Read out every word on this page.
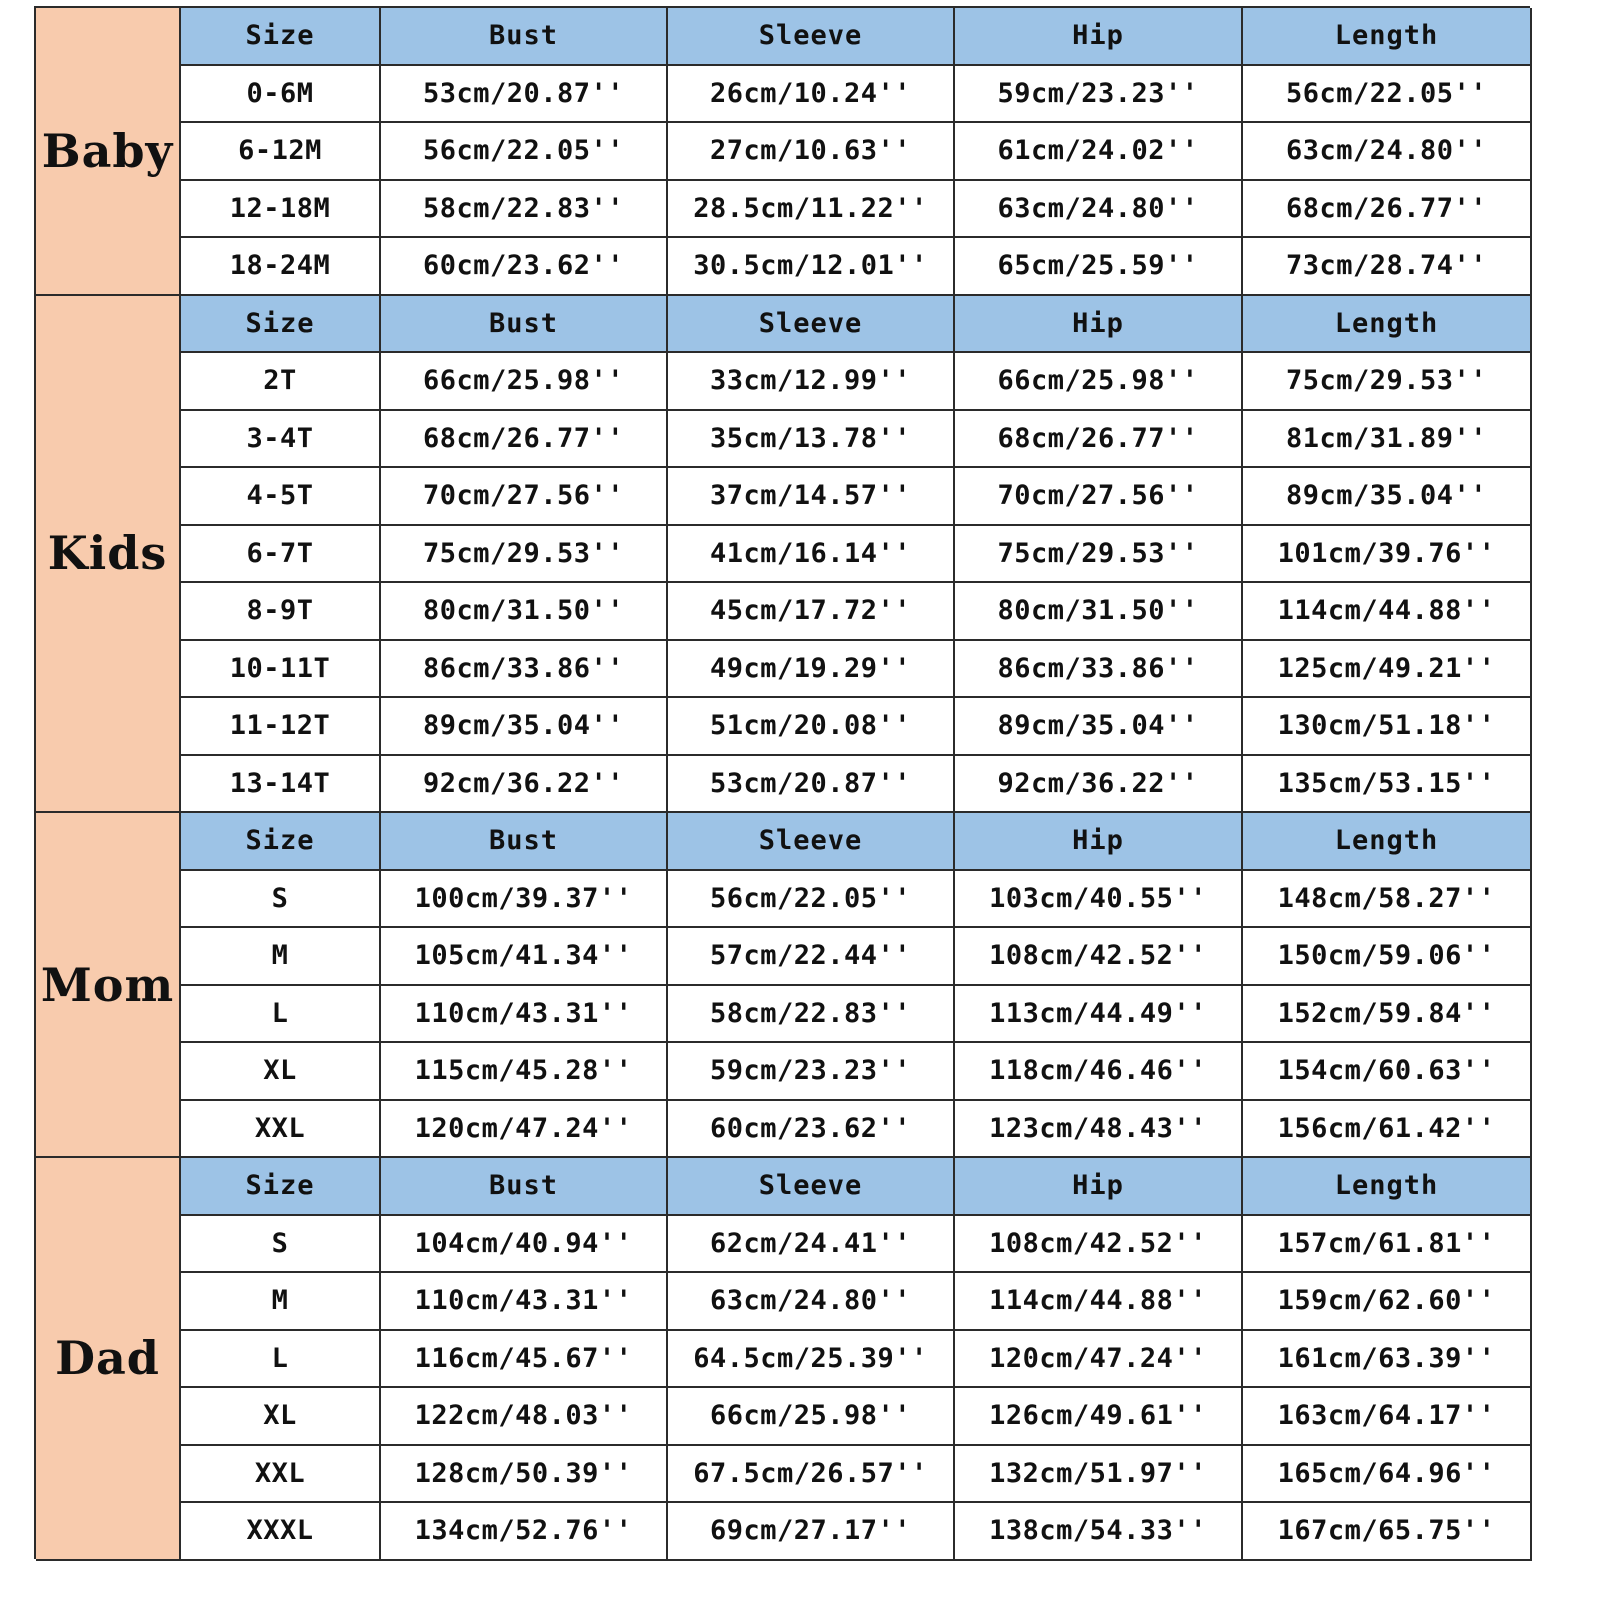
Baby
Size	Bust	Sleeve	Hip	Length
0-6M	53cm/20.87''	26cm/10.24''	59cm/23.23''	56cm/22.05''
6-12M	56cm/22.05''	27cm/10.63''	61cm/24.02''	63cm/24.80''
12-18M	58cm/22.83''	28.5cm/11.22''	63cm/24.80''	68cm/26.77''
18-24M	60cm/23.62''	30.5cm/12.01''	65cm/25.59''	73cm/28.74''
Kids
Size	Bust	Sleeve	Hip	Length
2T	66cm/25.98''	33cm/12.99''	66cm/25.98''	75cm/29.53''
3-4T	68cm/26.77''	35cm/13.78''	68cm/26.77''	81cm/31.89''
4-5T	70cm/27.56''	37cm/14.57''	70cm/27.56''	89cm/35.04''
6-7T	75cm/29.53''	41cm/16.14''	75cm/29.53''	101cm/39.76''
8-9T	80cm/31.50''	45cm/17.72''	80cm/31.50''	114cm/44.88''
10-11T	86cm/33.86''	49cm/19.29''	86cm/33.86''	125cm/49.21''
11-12T	89cm/35.04''	51cm/20.08''	89cm/35.04''	130cm/51.18''
13-14T	92cm/36.22''	53cm/20.87''	92cm/36.22''	135cm/53.15''
Mom
Size	Bust	Sleeve	Hip	Length
S	100cm/39.37''	56cm/22.05''	103cm/40.55''	148cm/58.27''
M	105cm/41.34''	57cm/22.44''	108cm/42.52''	150cm/59.06''
L	110cm/43.31''	58cm/22.83''	113cm/44.49''	152cm/59.84''
XL	115cm/45.28''	59cm/23.23''	118cm/46.46''	154cm/60.63''
XXL	120cm/47.24''	60cm/23.62''	123cm/48.43''	156cm/61.42''
Dad
Size	Bust	Sleeve	Hip	Length
S	104cm/40.94''	62cm/24.41''	108cm/42.52''	157cm/61.81''
M	110cm/43.31''	63cm/24.80''	114cm/44.88''	159cm/62.60''
L	116cm/45.67''	64.5cm/25.39''	120cm/47.24''	161cm/63.39''
XL	122cm/48.03''	66cm/25.98''	126cm/49.61''	163cm/64.17''
XXL	128cm/50.39''	67.5cm/26.57''	132cm/51.97''	165cm/64.96''
XXXL	134cm/52.76''	69cm/27.17''	138cm/54.33''	167cm/65.75''
